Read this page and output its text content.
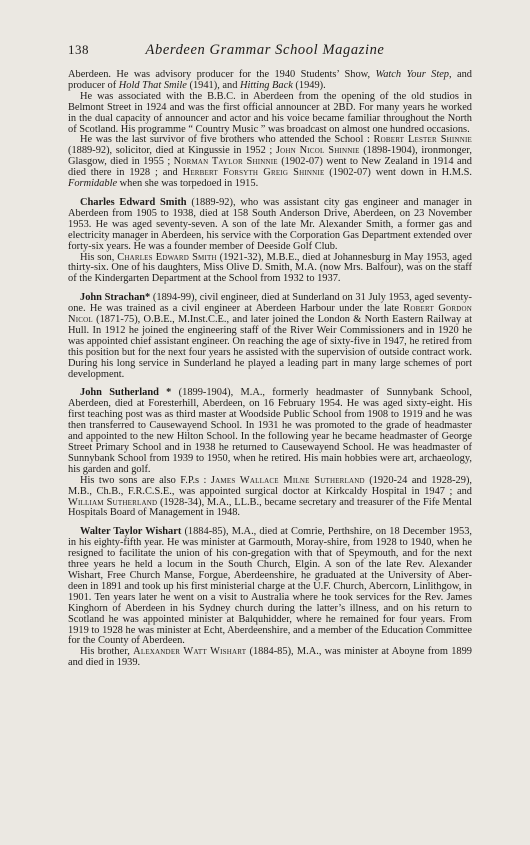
138	Aberdeen Grammar School Magazine

Aberdeen. He was advisory producer for the 1940 Students’ Show, Watch Your Step, and producer of Hold That Smile (1941), and Hitting Back (1949).

He was associated with the B.B.C. in Aberdeen from the opening of the old studios in Belmont Street in 1924 and was the first official announcer at 2BD. For many years he worked in the dual capacity of announcer and actor and his voice became familiar throughout the North of Scotland. His programme “ Country Music ” was broadcast on almost one hundred occasions.

He was the last survivor of five brothers who attended the School : Robert Lester Shinnie (1889-92), solicitor, died at Kingussie in 1952 ; John Nicol Shinnie (1898-1904), ironmonger, Glasgow, died in 1955 ; Norman Taylor Shinnie (1902-07) went to New Zealand in 1914 and died there in 1928 ; and Herbert Forsyth Greig Shinnie (1902-07) went down in H.M.S. Formidable when she was torpedoed in 1915.

Charles Edward Smith (1889-92), who was assistant city gas engineer and manager in Aberdeen from 1905 to 1938, died at 158 South Anderson Drive, Aberdeen, on 23 November 1953. He was aged seventy-seven. A son of the late Mr. Alexander Smith, a former gas and electricity manager in Aberdeen, his service with the Corporation Gas Department extended over forty-six years. He was a founder member of Deeside Golf Club.

His son, Charles Edward Smith (1921-32), M.B.E., died at Johannesburg in May 1953, aged thirty-six. One of his daughters, Miss Olive D. Smith, M.A. (now Mrs. Balfour), was on the staff of the Kindergarten Department at the School from 1932 to 1937.

John Strachan* (1894-99), civil engineer, died at Sunderland on 31 July 1953, aged seventy-one. He was trained as a civil engineer at Aberdeen Harbour under the late Robert Gordon Nicol (1871-75), O.B.E., M.Inst.C.E., and later joined the London & North Eastern Railway at Hull. In 1912 he joined the engineering staff of the River Weir Commissioners and in 1920 he was appointed chief assistant engineer. On reaching the age of sixty-five in 1947, he retired from this position but for the next four years he assisted with the supervision of outside contract work. During his long service in Sunderland he played a leading part in many large schemes of port development.

John Sutherland * (1899-1904), M.A., formerly headmaster of Sunnybank School, Aberdeen, died at Foresterhill, Aberdeen, on 16 February 1954. He was aged sixty-eight. His first teaching post was as third master at Woodside Public School from 1908 to 1919 and he was then transferred to Causewayend School. In 1931 he was promoted to the grade of headmaster and appointed to the new Hilton School. In the following year he became headmaster of George Street Primary School and in 1938 he returned to Causewayend School. He was headmaster of Sunnybank School from 1939 to 1950, when he retired. His main hobbies were art, archaeology, his garden and golf.

His two sons are also F.P.s : James Wallace Milne Sutherland (1920-24 and 1928-29), M.B., Ch.B., F.R.C.S.E., was appointed surgical doctor at Kirkcaldy Hospital in 1947 ; and William Sutherland (1928-34), M.A., LL.B., became secretary and treasurer of the Fife Mental Hospitals Board of Management in 1948.

Walter Taylor Wishart (1884-85), M.A., died at Comrie, Perthshire, on 18 December 1953, in his eighty-fifth year. He was minister at Garmouth, Moray-shire, from 1928 to 1940, when he resigned to facilitate the union of his con-gregation with that of Speymouth, and for the next three years he held a locum in the South Church, Elgin. A son of the late Rev. Alexander Wishart, Free Church Manse, Forgue, Aberdeenshire, he graduated at the University of Aber-deen in 1891 and took up his first ministerial charge at the U.F. Church, Abercorn, Linlithgow, in 1901. Ten years later he went on a visit to Australia where he took services for the Rev. James Kinghorn of Aberdeen in his Sydney church during the latter’s illness, and on his return to Scotland he was appointed minister at Balquhidder, where he remained for four years. From 1919 to 1928 he was minister at Echt, Aberdeenshire, and a member of the Education Committee for the County of Aberdeen.

His brother, Alexander Watt Wishart (1884-85), M.A., was minister at Aboyne from 1899 and died in 1939.
